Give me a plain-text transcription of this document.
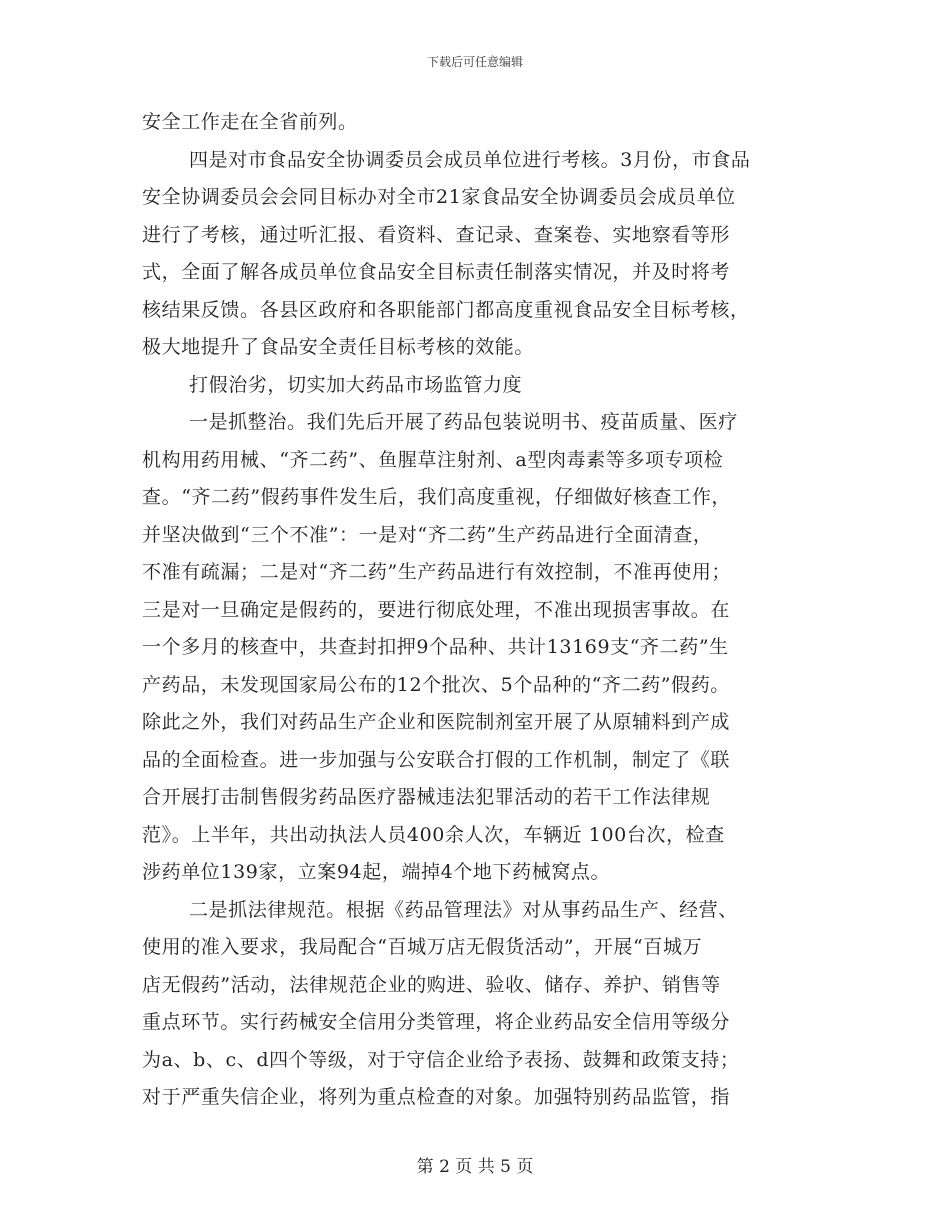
下载后可任意编辑
安全工作走在全省前列。
四是对市食品安全协调委员会成员单位进行考核。3月份，市食品
安全协调委员会会同目标办对全市21家食品安全协调委员会成员单位
进行了考核，通过听汇报、看资料、查记录、查案卷、实地察看等形
式，全面了解各成员单位食品安全目标责任制落实情况，并及时将考
核结果反馈。各县区政府和各职能部门都高度重视食品安全目标考核，
极大地提升了食品安全责任目标考核的效能。
打假治劣，切实加大药品市场监管力度
一是抓整治。我们先后开展了药品包装说明书、疫苗质量、医疗
机构用药用械、“齐二药”、鱼腥草注射剂、a型肉毒素等多项专项检
查。“齐二药”假药事件发生后，我们高度重视，仔细做好核查工作，
并坚决做到“三个不准”：一是对“齐二药”生产药品进行全面清查，
不准有疏漏；二是对“齐二药”生产药品进行有效控制，不准再使用；
三是对一旦确定是假药的，要进行彻底处理，不准出现损害事故。在
一个多月的核查中，共查封扣押9个品种、共计13169支“齐二药”生
产药品，未发现国家局公布的12个批次、5个品种的“齐二药”假药。
除此之外，我们对药品生产企业和医院制剂室开展了从原辅料到产成
品的全面检查。进一步加强与公安联合打假的工作机制，制定了《联
合开展打击制售假劣药品医疗器械违法犯罪活动的若干工作法律规
范》。上半年，共出动执法人员400余人次，车辆近 100台次，检查
涉药单位139家，立案94起，端掉4个地下药械窝点。
二是抓法律规范。根据《药品管理法》对从事药品生产、经营、
使用的准入要求，我局配合“百城万店无假货活动”，开展“百城万
店无假药”活动，法律规范企业的购进、验收、储存、养护、销售等
重点环节。实行药械安全信用分类管理，将企业药品安全信用等级分
为a、b、c、d四个等级，对于守信企业给予表扬、鼓舞和政策支持；
对于严重失信企业，将列为重点检查的对象。加强特别药品监管，指
第 2 页 共 5 页
